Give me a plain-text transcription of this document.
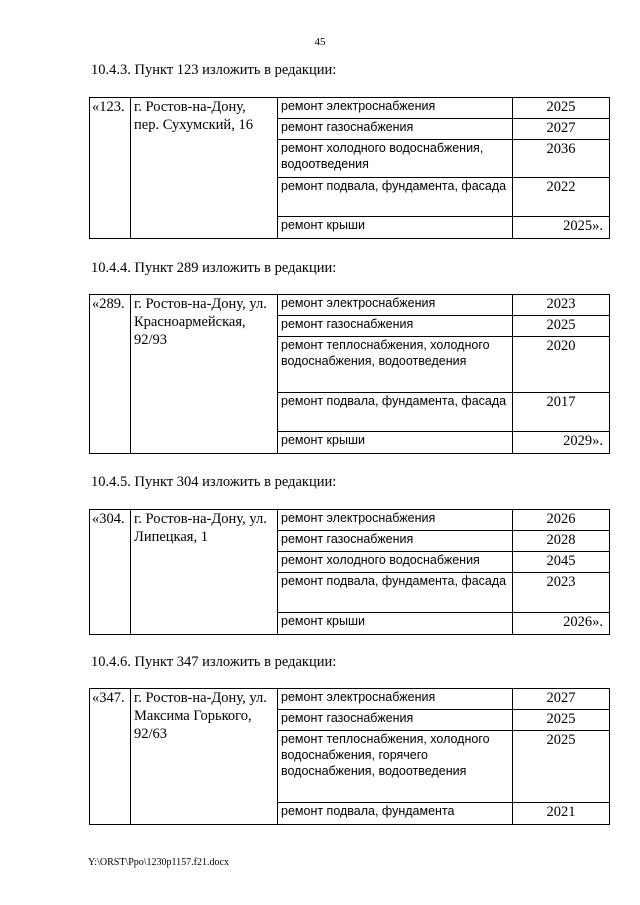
45
10.4.3. Пункт 123 изложить в редакции:
«123.	г. Ростов-на-Дону, пер. Сухумский, 16	ремонт электроснабжения	2025
		ремонт газоснабжения	2027
		ремонт холодного водоснабжения, водоотведения	2036
		ремонт подвала, фундамента, фасада	2022
		ремонт крыши	2025».
10.4.4. Пункт 289 изложить в редакции:
«289.	г. Ростов-на-Дону, ул. Красноармейская, 92/93	ремонт электроснабжения	2023
		ремонт газоснабжения	2025
		ремонт теплоснабжения, холодного водоснабжения, водоотведения	2020
		ремонт подвала, фундамента, фасада	2017
		ремонт крыши	2029».
10.4.5. Пункт 304 изложить в редакции:
«304.	г. Ростов-на-Дону, ул. Липецкая, 1	ремонт электроснабжения	2026
		ремонт газоснабжения	2028
		ремонт холодного водоснабжения	2045
		ремонт подвала, фундамента, фасада	2023
		ремонт крыши	2026».
10.4.6. Пункт 347 изложить в редакции:
«347.	г. Ростов-на-Дону, ул. Максима Горького, 92/63	ремонт электроснабжения	2027
		ремонт газоснабжения	2025
		ремонт теплоснабжения, холодного водоснабжения, горячего водоснабжения, водоотведения	2025
		ремонт подвала, фундамента	2021
Y:\ORST\Ppo\1230p1157.f21.docx
